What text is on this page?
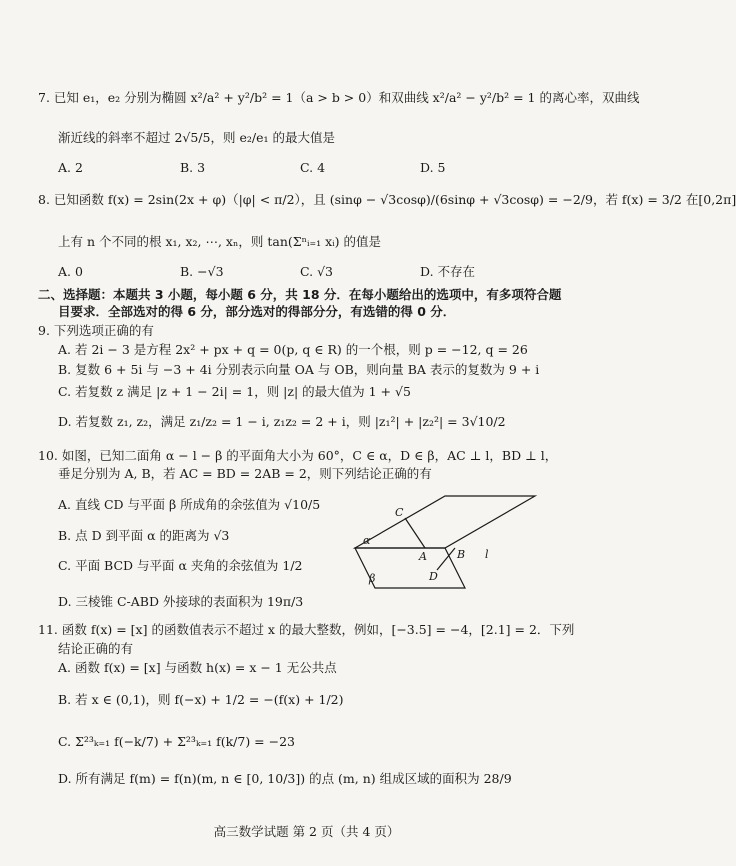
7. 已知 e₁，e₂ 分别为椭圆 x²/a² + y²/b² = 1（a > b > 0）和双曲线 x²/a² − y²/b² = 1 的离心率，双曲线
渐近线的斜率不超过 2√5/5，则 e₂/e₁ 的最大值是
A. 2	B. 3	C. 4	D. 5
8. 已知函数 f(x) = 2sin(2x + φ)（|φ| < π/2），且 (sinφ − √3cosφ)/(6sinφ + √3cosφ) = −2/9，若 f(x) = 3/2 在[0,2π]
上有 n 个不同的根 x₁, x₂, ⋯, xₙ，则 tan(Σⁿᵢ₌₁ xᵢ) 的值是
A. 0	B. −√3	C. √3	D. 不存在
二、选择题：本题共 3 小题，每小题 6 分，共 18 分．在每小题给出的选项中，有多项符合题
目要求．全部选对的得 6 分，部分选对的得部分分，有选错的得 0 分．
9. 下列选项正确的有
A. 若 2i − 3 是方程 2x² + px + q = 0(p, q ∈ R) 的一个根，则 p = −12, q = 26
B. 复数 6 + 5i 与 −3 + 4i 分别表示向量 OA 与 OB，则向量 BA 表示的复数为 9 + i
C. 若复数 z 满足 |z + 1 − 2i| = 1，则 |z| 的最大值为 1 + √5
D. 若复数 z₁, z₂，满足 z₁/z₂ = 1 − i, z₁z₂ = 2 + i，则 |z₁²| + |z₂²| = 3√10/2
10. 如图，已知二面角 α − l − β 的平面角大小为 60°，C ∈ α，D ∈ β，AC ⊥ l，BD ⊥ l，
垂足分别为 A, B，若 AC = BD = 2AB = 2，则下列结论正确的有
A. 直线 CD 与平面 β 所成角的余弦值为 √10/5
B. 点 D 到平面 α 的距离为 √3
C. 平面 BCD 与平面 α 夹角的余弦值为 1/2
D. 三棱锥 C-ABD 外接球的表面积为 19π/3
α
β
C
A	B
D
l
11. 函数 f(x) = [x] 的函数值表示不超过 x 的最大整数，例如，[−3.5] = −4，[2.1] = 2．下列
结论正确的有
A. 函数 f(x) = [x] 与函数 h(x) = x − 1 无公共点
B. 若 x ∈ (0,1)，则 f(−x) + 1/2 = −(f(x) + 1/2)
C. Σ²³ₖ₌₁ f(−k/7) + Σ²³ₖ₌₁ f(k/7) = −23
D. 所有满足 f(m) = f(n)(m, n ∈ [0, 10/3]) 的点 (m, n) 组成区域的面积为 28/9
高三数学试题 第 2 页（共 4 页）
